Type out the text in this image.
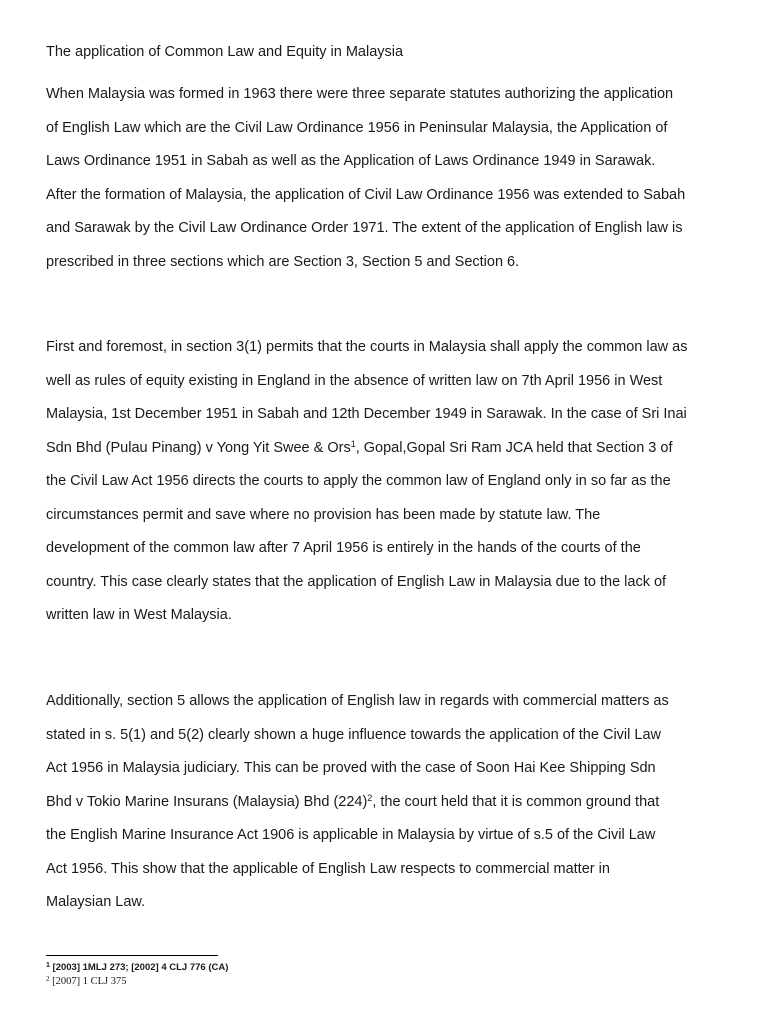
The application of Common Law and Equity in Malaysia
When Malaysia was formed in 1963 there were three separate statutes authorizing the application
of English Law which are the Civil Law Ordinance 1956 in Peninsular Malaysia, the Application of
Laws Ordinance 1951 in Sabah as well as the Application of Laws Ordinance 1949 in Sarawak.
After the formation of Malaysia, the application of Civil Law Ordinance 1956 was extended to Sabah
and Sarawak by the Civil Law Ordinance Order 1971. The extent of the application of English law is
prescribed in three sections which are Section 3, Section 5 and Section 6.
First and foremost, in section 3(1) permits that the courts in Malaysia shall apply the common law as
well as rules of equity existing in England in the absence of written law on 7th April 1956 in West
Malaysia, 1st December 1951 in Sabah and 12th December 1949 in Sarawak. In the case of Sri Inai
Sdn Bhd (Pulau Pinang) v Yong Yit Swee & Ors$^1$, Gopal,Gopal Sri Ram JCA held that Section 3 of
the Civil Law Act 1956 directs the courts to apply the common law of England only in so far as the
circumstances permit and save where no provision has been made by statute law. The
development of the common law after 7 April 1956 is entirely in the hands of the courts of the
country. This case clearly states that the application of English Law in Malaysia due to the lack of
written law in West Malaysia.
Additionally, section 5 allows the application of English law in regards with commercial matters as
stated in s. 5(1) and 5(2) clearly shown a huge influence towards the application of the Civil Law
Act 1956 in Malaysia judiciary. This can be proved with the case of Soon Hai Kee Shipping Sdn
Bhd v Tokio Marine Insurans (Malaysia) Bhd $(224)^2$, the court held that it is common ground that
the English Marine Insurance Act 1906 is applicable in Malaysia by virtue of s.5 of the Civil Law
Act 1956. This show that the applicable of English Law respects to commercial matter in
Malaysian Law.
$^1$ [2003] 1MLJ 273; [2002] 4 CLJ 776 (CA)
$^2$ [2007] 1 CLJ 375
